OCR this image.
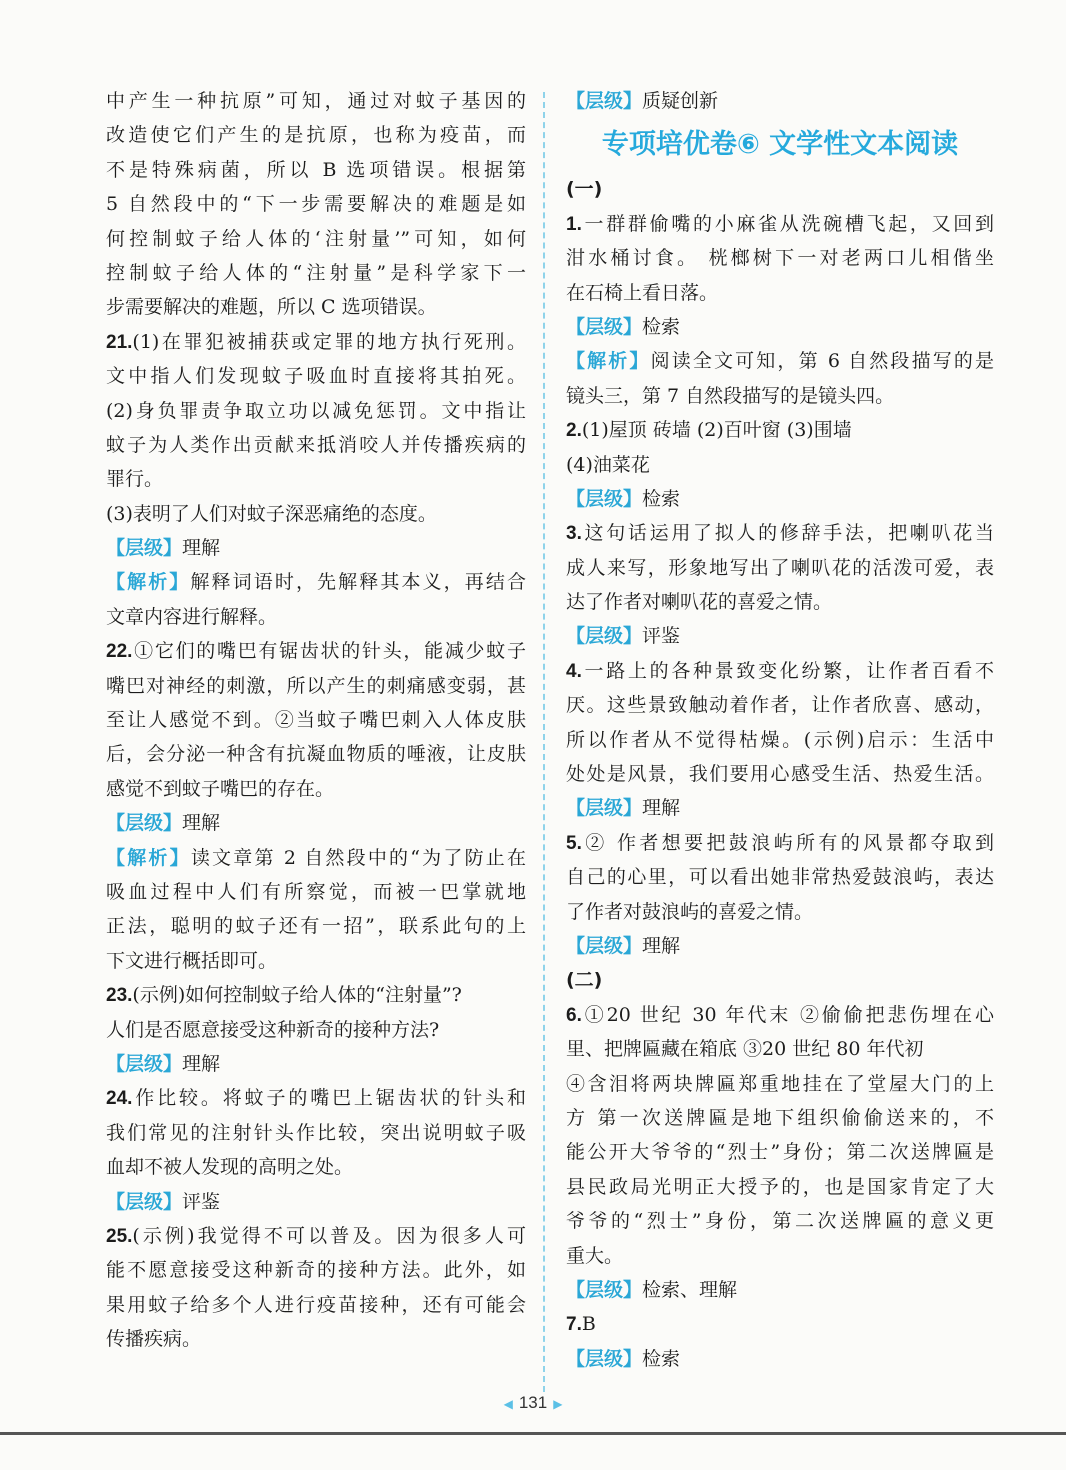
中产生一种抗原”可知，通过对蚊子基因的
改造使它们产生的是抗原，也称为疫苗，而
不是特殊病菌，所以 B 选项错误。根据第
5 自然段中的“下一步需要解决的难题是如
何控制蚊子给人体的‘注射量’”可知，如何
控制蚊子给人体的“注射量”是科学家下一
步需要解决的难题，所以 C 选项错误。
21.(1)在罪犯被捕获或定罪的地方执行死刑。
文中指人们发现蚊子吸血时直接将其拍死。
(2)身负罪责争取立功以减免惩罚。文中指让
蚊子为人类作出贡献来抵消咬人并传播疾病的
罪行。
(3)表明了人们对蚊子深恶痛绝的态度。
【层级】理解
【解析】解释词语时，先解释其本义，再结合
文章内容进行解释。
22.①它们的嘴巴有锯齿状的针头，能减少蚊子
嘴巴对神经的刺激，所以产生的刺痛感变弱，甚
至让人感觉不到。②当蚊子嘴巴刺入人体皮肤
后，会分泌一种含有抗凝血物质的唾液，让皮肤
感觉不到蚊子嘴巴的存在。
【层级】理解
【解析】读文章第 2 自然段中的“为了防止在
吸血过程中人们有所察觉，而被一巴掌就地
正法，聪明的蚊子还有一招”，联系此句的上
下文进行概括即可。
23.(示例)如何控制蚊子给人体的“注射量”?
人们是否愿意接受这种新奇的接种方法?
【层级】理解
24.作比较。将蚊子的嘴巴上锯齿状的针头和
我们常见的注射针头作比较，突出说明蚊子吸
血却不被人发现的高明之处。
【层级】评鉴
25.(示例)我觉得不可以普及。因为很多人可
能不愿意接受这种新奇的接种方法。此外，如
果用蚊子给多个人进行疫苗接种，还有可能会
传播疾病。
【层级】质疑创新
专项培优卷⑥ 文学性文本阅读
(一)
1.一群群偷嘴的小麻雀从洗碗槽飞起，又回到
泔水桶讨食。 桄榔树下一对老两口儿相偕坐
在石椅上看日落。
【层级】检索
【解析】阅读全文可知，第 6 自然段描写的是
镜头三，第 7 自然段描写的是镜头四。
2.(1)屋顶 砖墙 (2)百叶窗 (3)围墙
(4)油菜花
【层级】检索
3.这句话运用了拟人的修辞手法，把喇叭花当
成人来写，形象地写出了喇叭花的活泼可爱，表
达了作者对喇叭花的喜爱之情。
【层级】评鉴
4.一路上的各种景致变化纷繁，让作者百看不
厌。这些景致触动着作者，让作者欣喜、感动，
所以作者从不觉得枯燥。(示例)启示：生活中
处处是风景，我们要用心感受生活、热爱生活。
【层级】理解
5.② 作者想要把鼓浪屿所有的风景都夺取到
自己的心里，可以看出她非常热爱鼓浪屿，表达
了作者对鼓浪屿的喜爱之情。
【层级】理解
(二)
6.①20 世纪 30 年代末 ②偷偷把悲伤埋在心
里、把牌匾藏在箱底 ③20 世纪 80 年代初
④含泪将两块牌匾郑重地挂在了堂屋大门的上
方 第一次送牌匾是地下组织偷偷送来的，不
能公开大爷爷的“烈士”身份；第二次送牌匾是
县民政局光明正大授予的，也是国家肯定了大
爷爷的“烈士”身份，第二次送牌匾的意义更
重大。
【层级】检索、理解
7.B
【层级】检索
◀ 131 ▶
